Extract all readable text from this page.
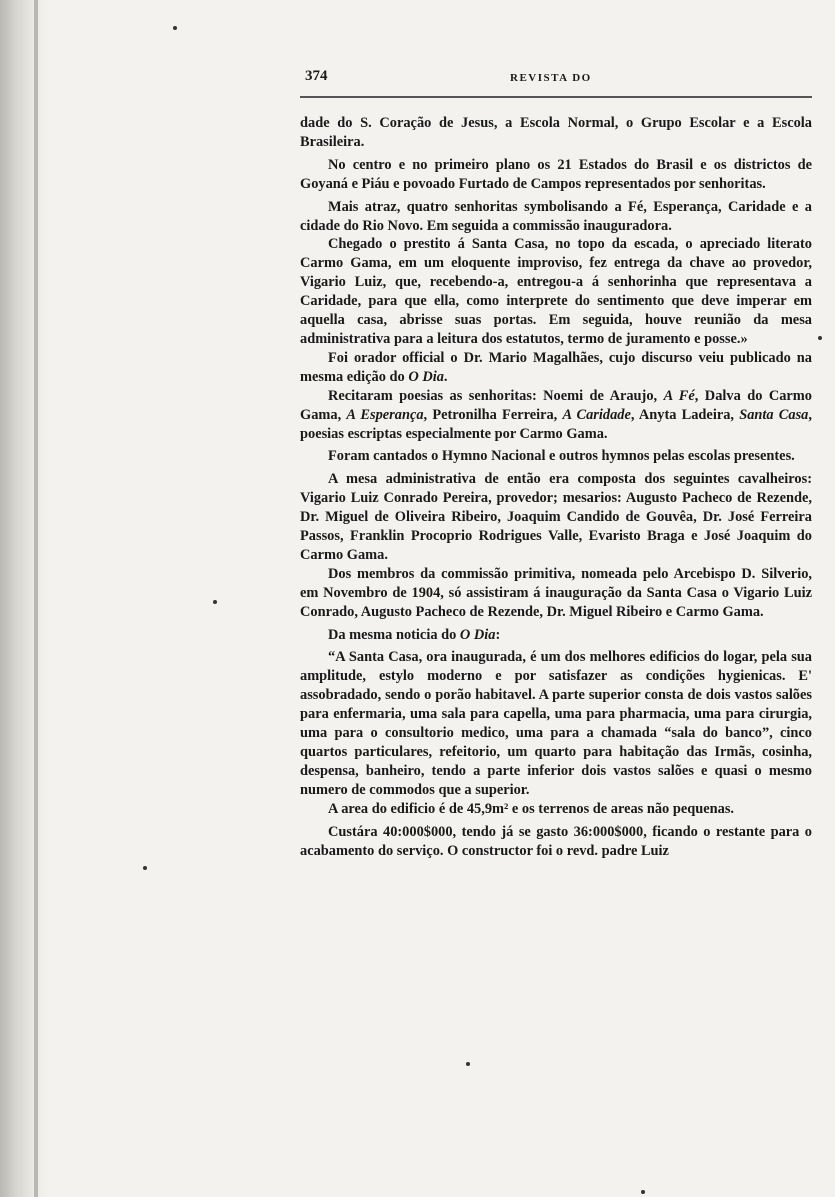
374	REVISTA DO

dade do S. Coração de Jesus, a Escola Normal, o Grupo Escolar e a Escola Brasileira.

No centro e no primeiro plano os 21 Estados do Brasil e os districtos de Goyaná e Piáu e povoado Furtado de Campos representados por senhoritas.

Mais atraz, quatro senhoritas symbolisando a Fé, Esperança, Caridade e a cidade do Rio Novo. Em seguida a commissão inauguradora.

Chegado o prestito á Santa Casa, no topo da escada, o apreciado literato Carmo Gama, em um eloquente improviso, fez entrega da chave ao provedor, Vigario Luiz, que, recebendo-a, entregou-a á senhorinha que representava a Caridade, para que ella, como interprete do sentimento que deve imperar em aquella casa, abrisse suas portas. Em seguida, houve reunião da mesa administrativa para a leitura dos estatutos, termo de juramento e posse.»

Foi orador official o Dr. Mario Magalhães, cujo discurso veiu publicado na mesma edição do O Dia.

Recitaram poesias as senhoritas: Noemi de Araujo, A Fé, Dalva do Carmo Gama, A Esperança, Petronilha Ferreira, A Caridade, Anyta Ladeira, Santa Casa, poesias escriptas especialmente por Carmo Gama.

Foram cantados o Hymno Nacional e outros hymnos pelas escolas presentes.

A mesa administrativa de então era composta dos seguintes cavalheiros: Vigario Luiz Conrado Pereira, provedor; mesarios: Augusto Pacheco de Rezende, Dr. Miguel de Oliveira Ribeiro, Joaquim Candido de Gouvêa, Dr. José Ferreira Passos, Franklin Procoprio Rodrigues Valle, Evaristo Braga e José Joaquim do Carmo Gama.

Dos membros da commissão primitiva, nomeada pelo Arcebispo D. Silverio, em Novembro de 1904, só assistiram á inauguração da Santa Casa o Vigario Luiz Conrado, Augusto Pacheco de Rezende, Dr. Miguel Ribeiro e Carmo Gama.

Da mesma noticia do O Dia:

“A Santa Casa, ora inaugurada, é um dos melhores edificios do logar, pela sua amplitude, estylo moderno e por satisfazer as condições hygienicas. E' assobradado, sendo o porão habitavel. A parte superior consta de dois vastos salões para enfermaria, uma sala para capella, uma para pharmacia, uma para cirurgia, uma para o consultorio medico, uma para a chamada “sala do banco”, cinco quartos particulares, refeitorio, um quarto para habitação das Irmãs, cosinha, despensa, banheiro, tendo a parte inferior dois vastos salões e quasi o mesmo numero de commodos que a superior.

A area do edificio é de 45,9m² e os terrenos de areas não pequenas.

Custára 40:000$000, tendo já se gasto 36:000$000, ficando o restante para o acabamento do serviço. O constructor foi o revd. padre Luiz
